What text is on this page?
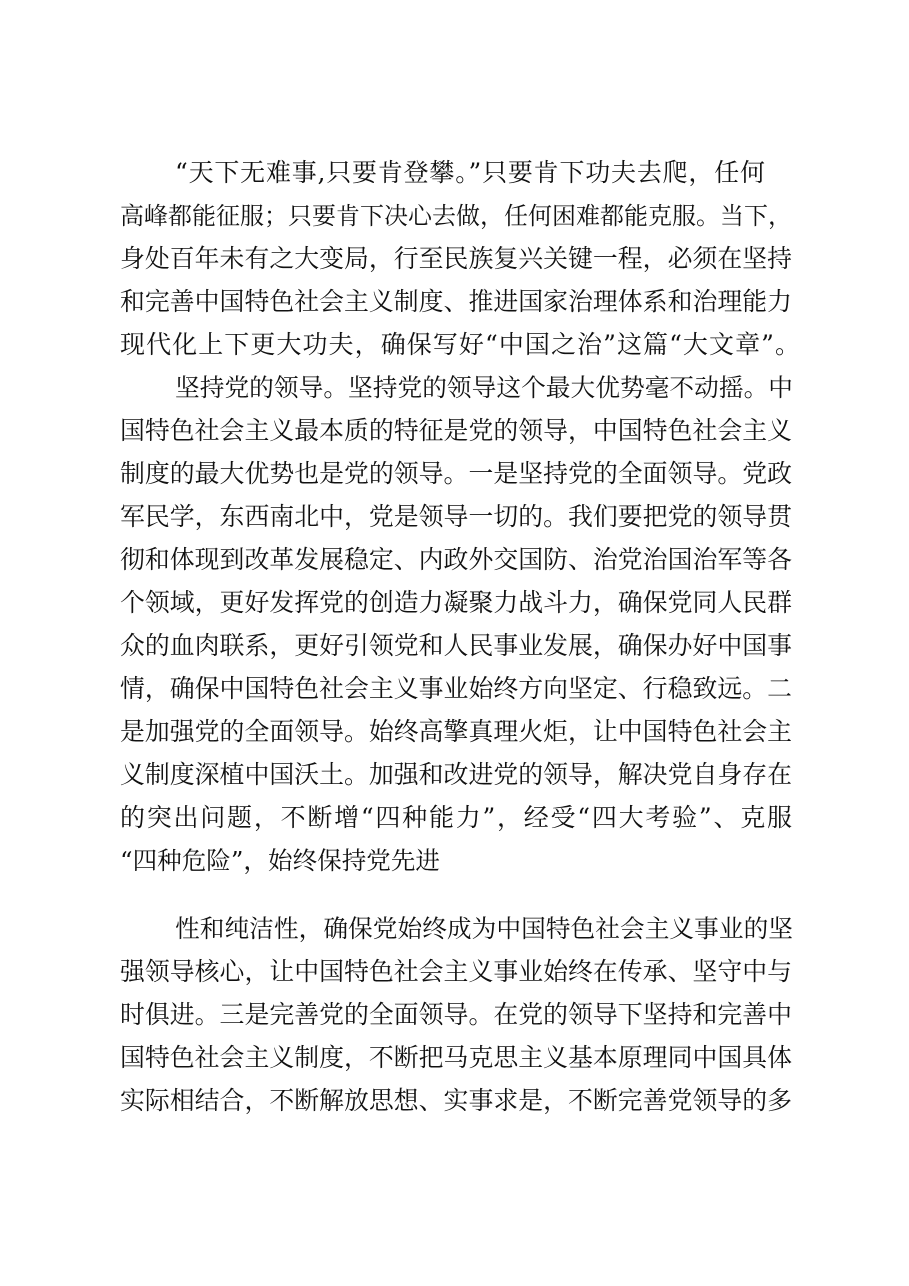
“天下无难事,只要肯登攀。”只要肯下功夫去爬，任何
高峰都能征服；只要肯下决心去做，任何困难都能克服。当下，
身处百年未有之大变局，行至民族复兴关键一程，必须在坚持
和完善中国特色社会主义制度、推进国家治理体系和治理能力
现代化上下更大功夫，确保写好“中国之治”这篇“大文章”。
坚持党的领导。坚持党的领导这个最大优势毫不动摇。中
国特色社会主义最本质的特征是党的领导，中国特色社会主义
制度的最大优势也是党的领导。一是坚持党的全面领导。党政
军民学，东西南北中，党是领导一切的。我们要把党的领导贯
彻和体现到改革发展稳定、内政外交国防、治党治国治军等各
个领域，更好发挥党的创造力凝聚力战斗力，确保党同人民群
众的血肉联系，更好引领党和人民事业发展，确保办好中国事
情，确保中国特色社会主义事业始终方向坚定、行稳致远。二
是加强党的全面领导。始终高擎真理火炬，让中国特色社会主
义制度深植中国沃土。加强和改进党的领导，解决党自身存在
的突出问题，不断增“四种能力”，经受“四大考验”、克服
“四种危险”，始终保持党先进
性和纯洁性，确保党始终成为中国特色社会主义事业的坚
强领导核心，让中国特色社会主义事业始终在传承、坚守中与
时俱进。三是完善党的全面领导。在党的领导下坚持和完善中
国特色社会主义制度，不断把马克思主义基本原理同中国具体
实际相结合，不断解放思想、实事求是，不断完善党领导的多
